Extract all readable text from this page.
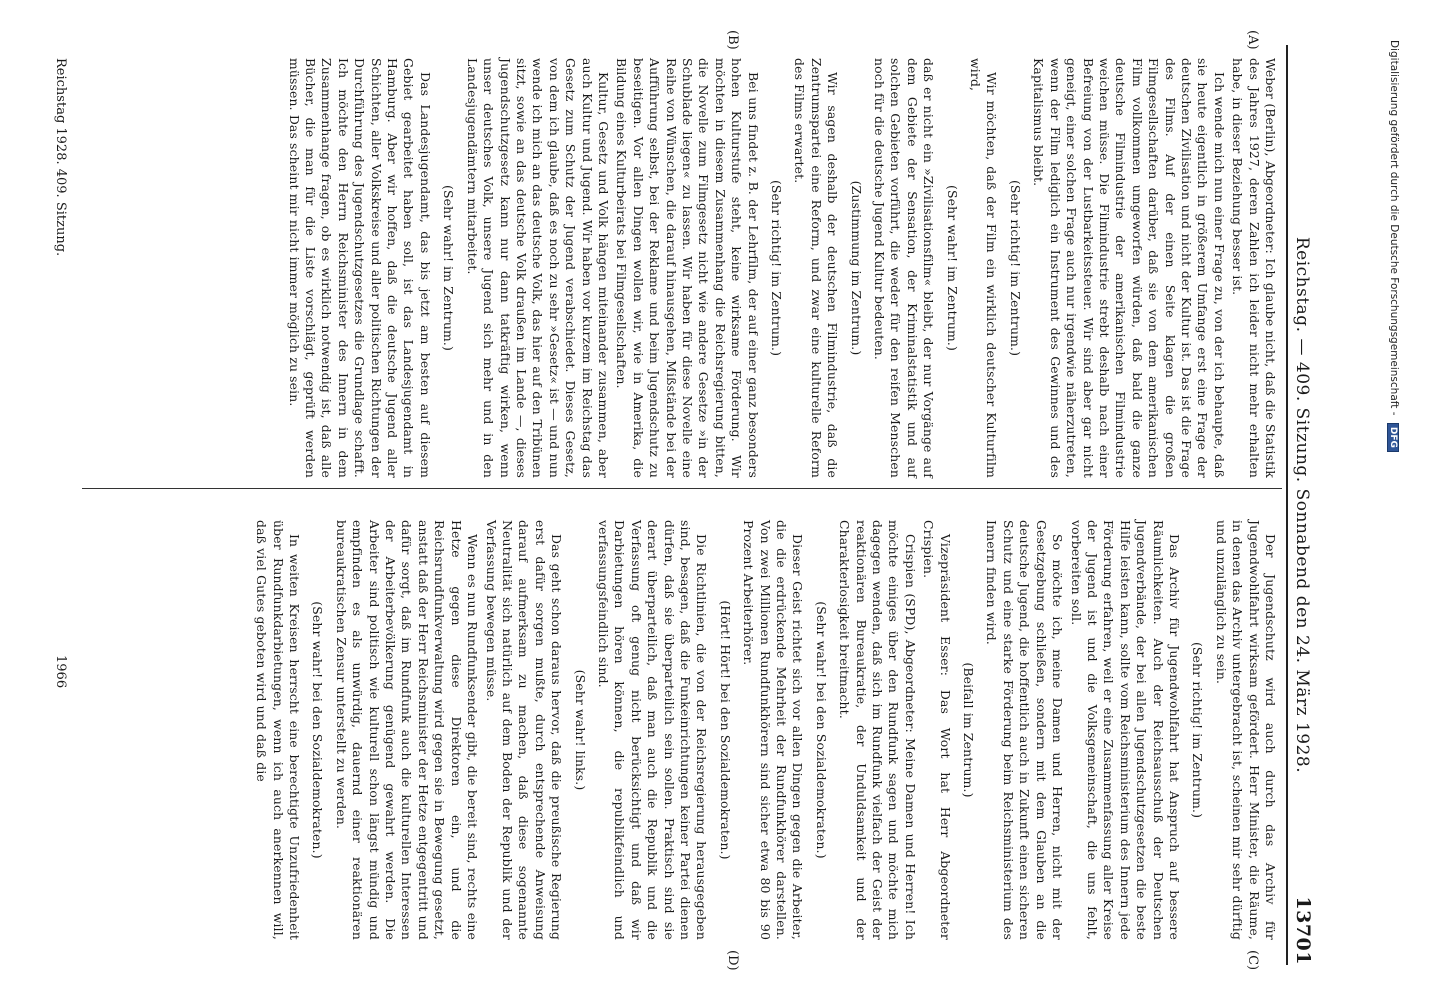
Reichstag. — 409. Sitzung. Sonnabend den 24. März 1928.
13701
(A)
(B)
(C)
(D)

Weber (Berlin), Abgeordneter: Ich glaube nicht, daß die Statistik des Jahres 1927, deren Zahlen ich leider nicht mehr erhalten habe, in dieser Beziehung besser ist.

Ich wende mich nun einer Frage zu, von der ich behaupte, daß sie heute eigentlich in größerem Umfange erst eine Frage der deutschen Zivilisation und nicht der Kultur ist. Das ist die Frage des Films. Auf der einen Seite klagen die großen Filmgesellschaften darüber, daß sie von dem amerikanischen Film vollkommen umgeworfen würden, daß bald die ganze deutsche Filmindustrie der amerikanischen Filmindustrie weichen müsse. Die Filmindustrie strebt deshalb nach einer Befreiung von der Lustbarkeitssteuer. Wir sind aber gar nicht geneigt, einer solchen Frage auch nur irgendwie näherzutreten, wenn der Film lediglich ein Instrument des Gewinnes und des Kapitalismus bleibt.

(Sehr richtig! im Zentrum.)

Wir möchten, daß der Film ein wirklich deutscher Kulturfilm wird,

(Sehr wahr! im Zentrum.)

daß er nicht ein »Zivilisationsfilm« bleibt, der nur Vorgänge auf dem Gebiete der Sensation, der Kriminalstatistik und auf solchen Gebieten vorführt, die weder für den reifen Menschen noch für die deutsche Jugend Kultur bedeuten.

(Zustimmung im Zentrum.)

Wir sagen deshalb der deutschen Filmindustrie, daß die Zentrumspartei eine Reform, und zwar eine kulturelle Reform des Films erwartet.

(Sehr richtig! im Zentrum.)

Bei uns findet z. B. der Lehrfilm, der auf einer ganz besonders hohen Kulturstufe steht, keine wirksame Förderung. Wir möchten in diesem Zusammenhang die Reichsregierung bitten, die Novelle zum Filmgesetz nicht wie andere Gesetze »in der Schublade liegen« zu lassen. Wir haben für diese Novelle eine Reihe von Wünschen, die darauf hinausgehen, Mißstände bei der Aufführung selbst, bei der Reklame und beim Jugendschutz zu beseitigen. Vor allen Dingen wollen wir, wie in Amerika, die Bildung eines Kulturbeirats bei Filmgesellschaften.

Kultur, Gesetz und Volk hängen miteinander zusammen, aber auch Kultur und Jugend. Wir haben vor kurzem im Reichstag das Gesetz zum Schutz der Jugend verabschiedet. Dieses Gesetz, von dem ich glaube, daß es noch zu sehr »Gesetz« ist — und nun wende ich mich an das deutsche Volk, das hier auf den Tribünen sitzt, sowie an das deutsche Volk draußen im Lande —, dieses Jugendschutzgesetz kann nur dann tatkräftig wirken, wenn unser deutsches Volk, unsere Jugend sich mehr und in den Landesjugendämtern mitarbeitet.

(Sehr wahr! im Zentrum.)

Das Landesjugendamt, das bis jetzt am besten auf diesem Gebiet gearbeitet haben soll, ist das Landesjugendamt in Hamburg. Aber wir hoffen, daß die deutsche Jugend aller Schichten, aller Volkskreise und aller politischen Richtungen der Durchführung des Jugendschutzgesetzes die Grundlage schafft. Ich möchte den Herrn Reichsminister des Innern in dem Zusammenhange fragen, ob es wirklich notwendig ist, daß alle Bücher, die man für die Liste vorschlägt, geprüft werden müssen. Das scheint mir nicht immer möglich zu sein.

Der Jugendschutz wird auch durch das Archiv für Jugendwohlfahrt wirksam gefördert. Herr Minister, die Räume, in denen das Archiv untergebracht ist, scheinen mir sehr dürftig und unzulänglich zu sein.

(Sehr richtig! im Zentrum.)

Das Archiv für Jugendwohlfahrt hat Anspruch auf bessere Räumlichkeiten. Auch der Reichsausschuß der Deutschen Jugendverbände, der bei allen Jugendschutzgesetzen die beste Hilfe leisten kann, sollte vom Reichsministerium des Innern jede Förderung erfahren, weil er eine Zusammenfassung aller Kreise der Jugend ist und die Volksgemeinschaft, die uns fehlt, vorbereiten soll.

So möchte ich, meine Damen und Herren, nicht mit der Gesetzgebung schließen, sondern mit dem Glauben an die deutsche Jugend, die hoffentlich auch in Zukunft einen sicheren Schutz und eine starke Förderung beim Reichsministerium des Innern finden wird.

(Beifall im Zentrum.)

Vizepräsident Esser: Das Wort hat Herr Abgeordneter Crispien.

Crispien (SPD), Abgeordneter: Meine Damen und Herren! Ich möchte einiges über den Rundfunk sagen und möchte mich dagegen wenden, daß sich im Rundfunk vielfach der Geist der reaktionären Bureaukratie, der Unduldsamkeit und der Charakterlosigkeit breitmacht.

(Sehr wahr! bei den Sozialdemokraten.)

Dieser Geist richtet sich vor allen Dingen gegen die Arbeiter, die die erdrückende Mehrheit der Rundfunkhörer darstellen. Von zwei Millionen Rundfunkhörern sind sicher etwa 80 bis 90 Prozent Arbeiterhörer.

(Hört! Hört! bei den Sozialdemokraten.)

Die Richtlinien, die von der Reichsregierung herausgegeben sind, besagen, daß die Funkeinrichtungen keiner Partei dienen dürfen, daß sie überparteilich sein sollen. Praktisch sind sie derart überparteilich, daß man auch die Republik und die Verfassung oft genug nicht berücksichtigt und daß wir Darbietungen hören können, die republikfeindlich und verfassungsfeindlich sind.

(Sehr wahr! links.)

Das geht schon daraus hervor, daß die preußische Regierung erst dafür sorgen mußte, durch entsprechende Anweisung darauf aufmerksam zu machen, daß diese sogenannte Neutralität sich natürlich auf dem Boden der Republik und der Verfassung bewegen müsse.

Wenn es nun Rundfunksender gibt, die bereit sind, rechts eine Hetze gegen diese Direktoren ein, und die Reichsrundfunkverwaltung wird gegen sie in Bewegung gesetzt, anstatt daß der Herr Reichsminister der Hetze entgegentritt und dafür sorgt, daß im Rundfunk auch die kulturellen Interessen der Arbeiterbevölkerung genügend gewahrt werden. Die Arbeiter sind politisch wie kulturell schon längst mündig und empfinden es als unwürdig, dauernd einer reaktionären bureaukratischen Zensur unterstellt zu werden.

(Sehr wahr! bei den Sozialdemokraten.)

In weiten Kreisen herrscht eine berechtigte Unzufriedenheit über Rundfunkdarbietungen, wenn ich auch anerkennen will, daß viel Gutes geboten wird und daß die

Reichstag 1928. 409. Sitzung.
1966
Digitalisierung gefördert durch die Deutsche Forschungsgemeinschaft - DFG
